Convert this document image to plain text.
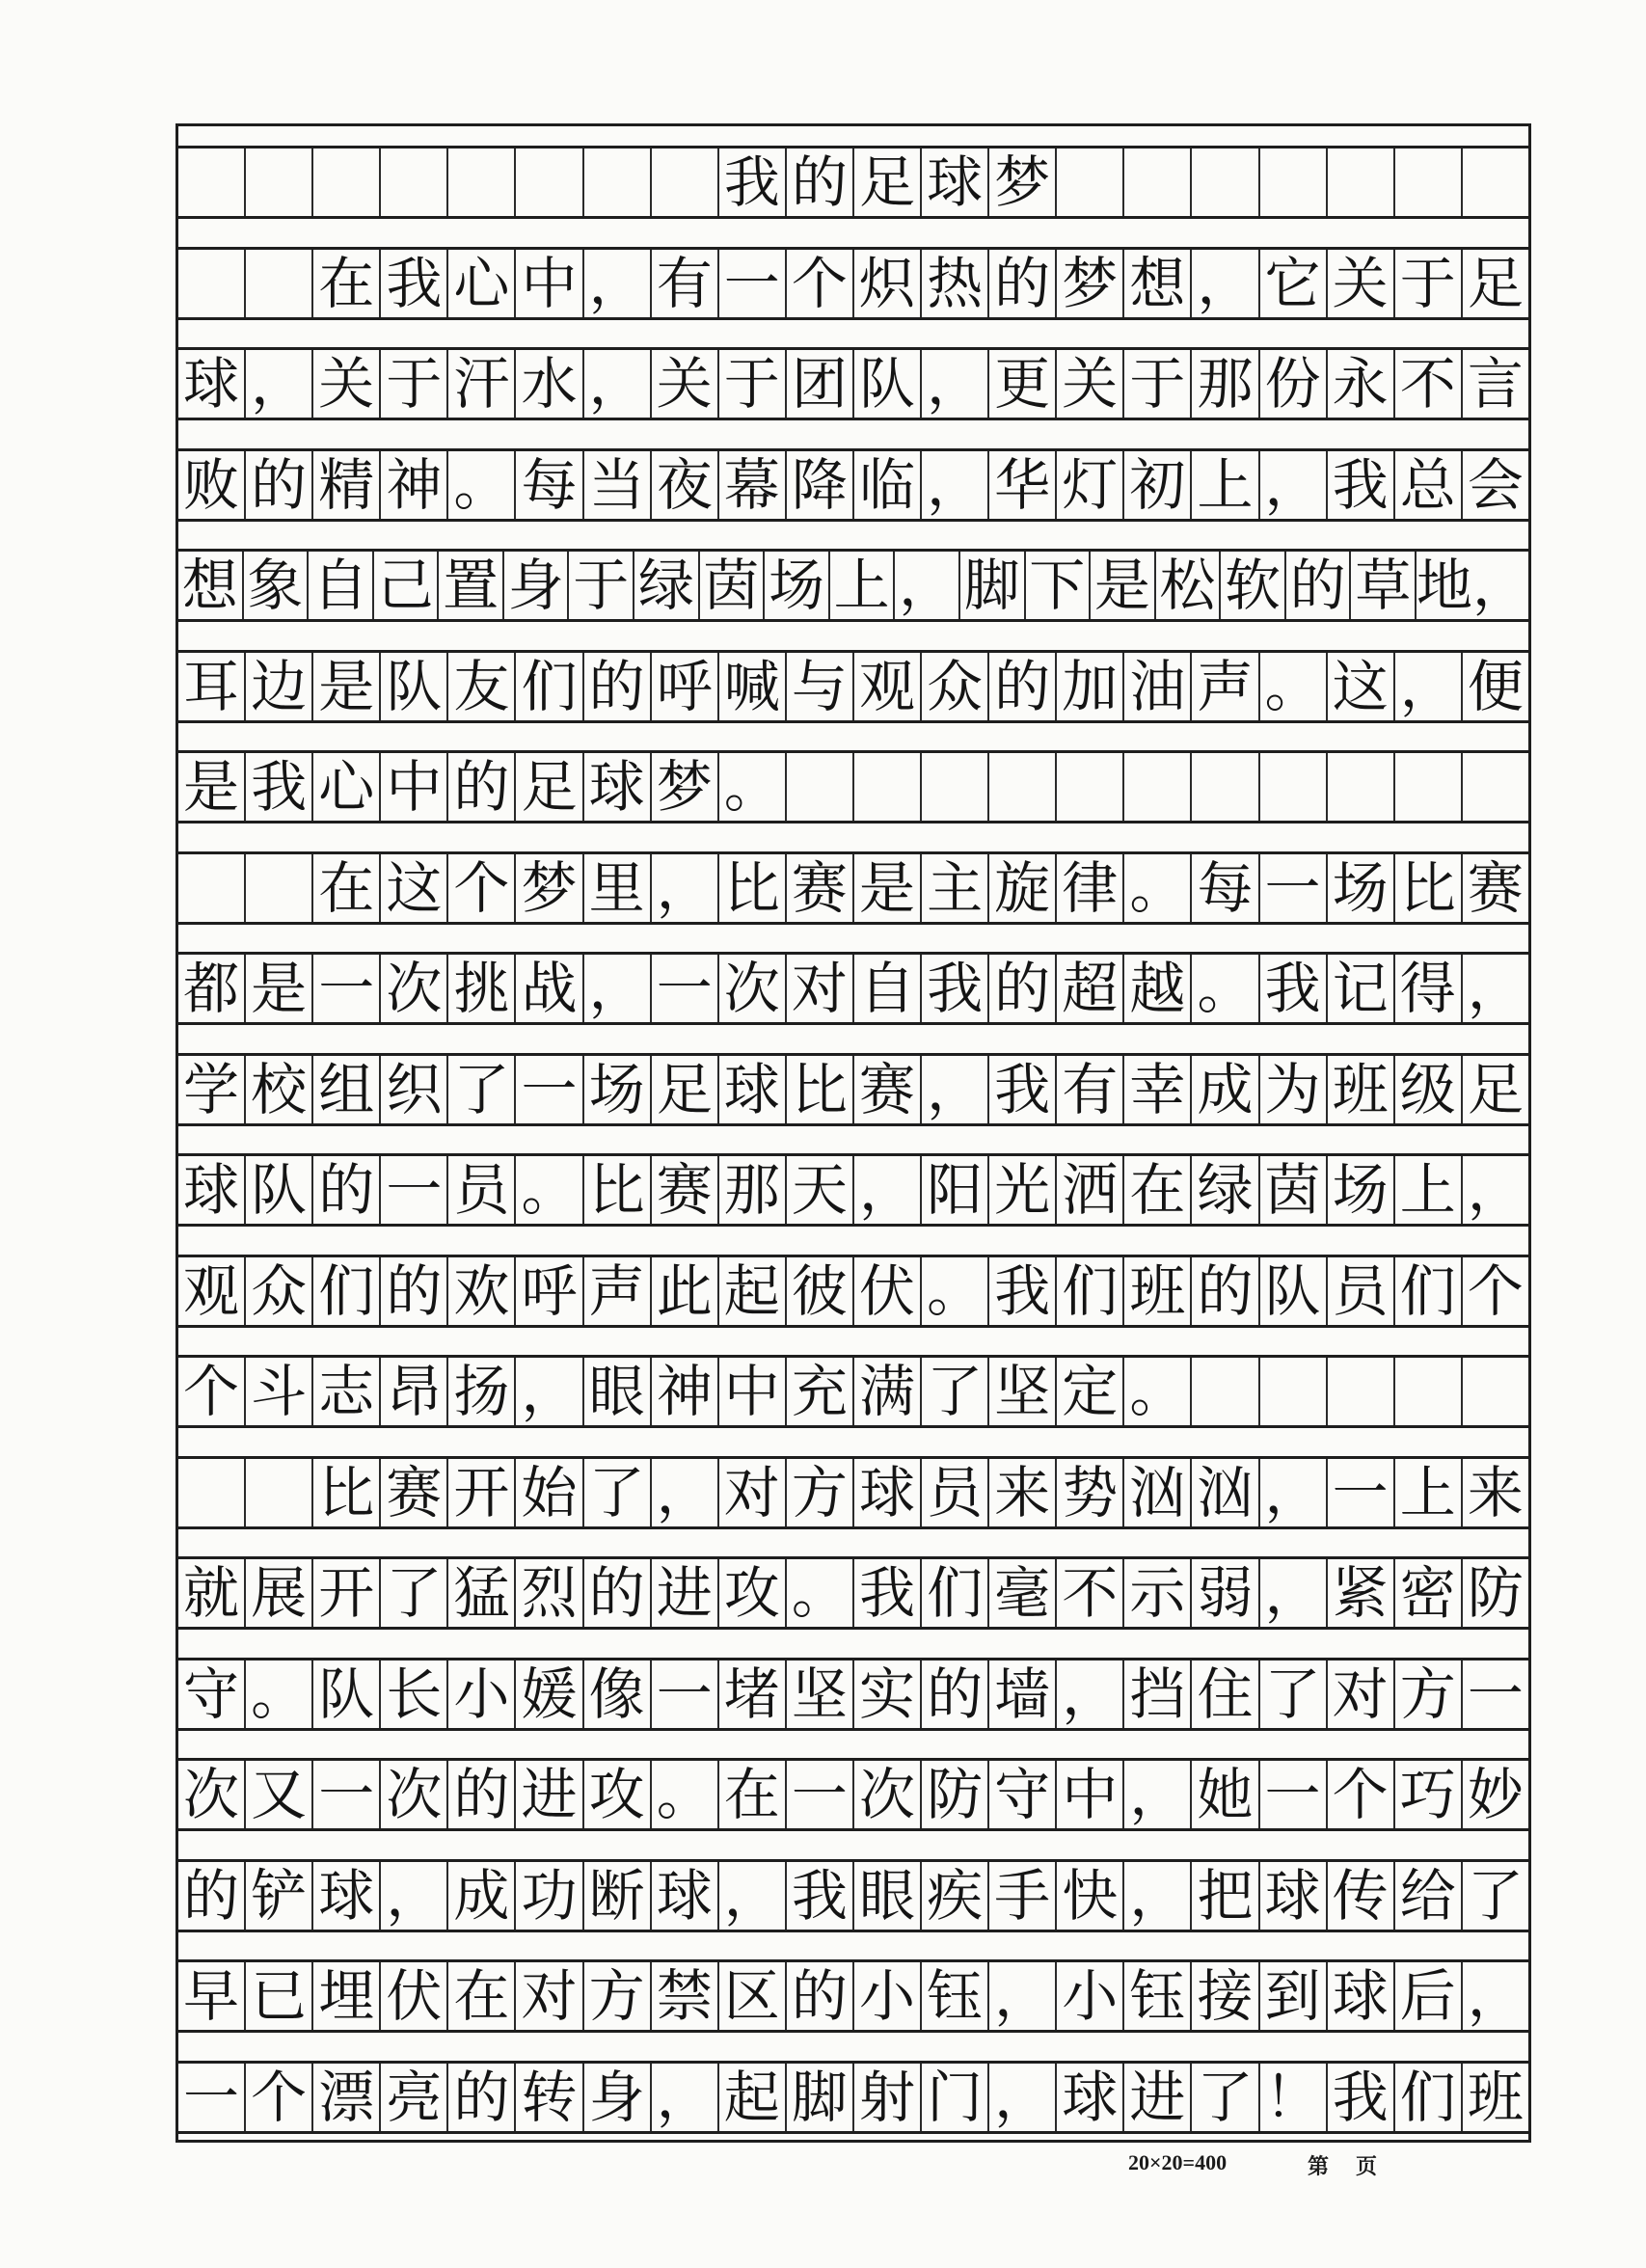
我 的 足 球 梦
在 我 心 中 ， 有 一 个 炽 热 的 梦 想 ， 它 关 于 足
球 ， 关 于 汗 水 ， 关 于 团 队 ， 更 关 于 那 份 永 不 言
败 的 精 神 。 每 当 夜 幕 降 临 ， 华 灯 初 上 ， 我 总 会
想 象 自 己 置 身 于 绿 茵 场 上 ， 脚 下 是 松 软 的 草 地，
耳 边 是 队 友 们 的 呼 喊 与 观 众 的 加 油 声 。 这 ， 便
是 我 心 中 的 足 球 梦 。
在 这 个 梦 里 ， 比 赛 是 主 旋 律 。 每 一 场 比 赛
都 是 一 次 挑 战 ， 一 次 对 自 我 的 超 越 。 我 记 得 ，
学 校 组 织 了 一 场 足 球 比 赛 ， 我 有 幸 成 为 班 级 足
球 队 的 一 员 。 比 赛 那 天 ， 阳 光 洒 在 绿 茵 场 上 ，
观 众 们 的 欢 呼 声 此 起 彼 伏 。 我 们 班 的 队 员 们 个
个 斗 志 昂 扬 ， 眼 神 中 充 满 了 坚 定 。
比 赛 开 始 了 ， 对 方 球 员 来 势 汹 汹 ， 一 上 来
就 展 开 了 猛 烈 的 进 攻 。 我 们 毫 不 示 弱 ， 紧 密 防
守 。 队 长 小 媛 像 一 堵 坚 实 的 墙 ， 挡 住 了 对 方 一
次 又 一 次 的 进 攻 。 在 一 次 防 守 中 ， 她 一 个 巧 妙
的 铲 球 ， 成 功 断 球 ， 我 眼 疾 手 快 ， 把 球 传 给 了
早 已 埋 伏 在 对 方 禁 区 的 小 钰 ， 小 钰 接 到 球 后 ，
一 个 漂 亮 的 转 身 ， 起 脚 射 门 ， 球 进 了 ！ 我 们 班
20×20=400	第 页
